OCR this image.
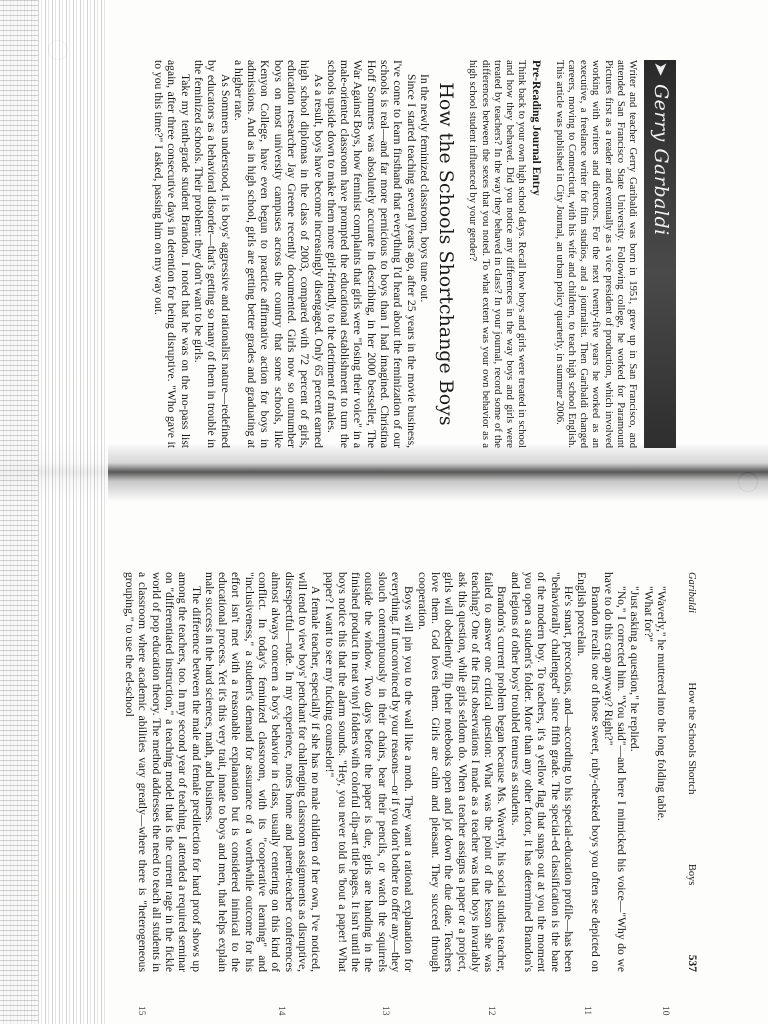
➤
Gerry Garbaldi

Writer and teacher Gerry Garibaldi was born in 1951, grew up in San Francisco, and attended San Francisco State University. Following college, he worked for Paramount Pictures first as a reader and eventually as a vice president of production, which involved working with writers and directors. For the next twenty-five years he worked as an executive, a freelance writer for film studios, and a journalist. Then Garibaldi changed careers, moving to Connecticut, with his wife and children, to teach high school English. This article was published in City Journal, an urban policy quarterly, in summer 2006.

Pre-Reading Journal Entry

Think back to your own high school days. Recall how boys and girls were treated in school and how they behaved. Did you notice any differences in the way boys and girls were treated by teachers? In the way they behaved in class? In your journal, record some of the differences between the sexes that you noted. To what extent was your own behavior as a high school student influenced by your gender?

How the Schools Shortchange Boys

In the newly feminized classroom, boys tune out.

Since I started teaching several years ago, after 25 years in the movie business, I've come to learn firsthand that everything I'd heard about the feminization of our schools is real—and far more pernicious to boys than I had imagined. Christina Hoff Sommers was absolutely accurate in describing, in her 2000 bestseller, The War Against Boys, how feminist complaints that girls were "losing their voice" in a male-oriented classroom have prompted the educational establishment to turn the schools upside down to make them more girl-friendly, to the detriment of males.

As a result, boys have become increasingly disengaged. Only 65 percent earned high school diplomas in the class of 2003, compared with 72 percent of girls, education researcher Jay Greene recently documented. Girls now so outnumber boys on most university campuses across the country that some schools, like Kenyon College, have even begun to practice affirmative action for boys in admissions. And as in high school, girls are getting better grades and graduating at a higher rate.

As Sommers understood, it is boys' aggressive and rationalist nature—redefined by educators as a behavioral disorder—that's getting so many of them in trouble in the feminized schools. Their problem: they don't want to be girls.

Take my tenth-grade student Brandon. I noted that he was on the no-pass list again, after three consecutive days in detention for being disruptive. "Who gave it to you this time?" I asked, passing him on my way out.

Garibaldi
How the Schools Shortch
Boys
537
10
11
12
13
14
15

"Waverly," he muttered into the long folding table.

"What for?"

"Just asking a question," he replied.

"No," I corrected him. "You said"—and here I mimicked his voice—"Why do we have to do this crap anyway? Right?"

Brandon recalls one of those sweet, ruby-cheeked boys you often see depicted on English porcelain.

He's smart, precocious, and—according to his special-education profile—has been "behaviorally challenged" since fifth grade. The special-ed classification is the bane of the modern boy. To teachers, it's a yellow flag that snaps out at you the moment you open a student's folder. More than any other factor, it has determined Brandon's and legions of other boys' troubled tenures as students.

Brandon's current problem began because Ms. Waverly, his social studies teacher, failed to answer one critical question: What was the point of the lesson she was teaching? One of the first observations I made as a teacher was that boys invariably ask this question, while girls seldom do. When a teacher assigns a paper or a project, girls will obediently flip their notebooks open and jot down the due date. Teachers love them. God loves them. Girls are calm and pleasant. They succeed through cooperation.

Boys will pin you to the wall like a moth. They want a rational explanation for everything. If unconvinced by your reasons—or if you don't bother to offer any—they slouch contemptuously in their chairs, bear their pencils, or watch the squirrels outside the window. Two days before the paper is due, girls are handing in the finished product in neat vinyl folders with colorful clip-art title pages. It isn't until the boys notice this that the alarm sounds. "Hey, you never told us 'bout a paper! What paper? I want to see my fucking counselor!"

A female teacher, especially if she has no male children of her own, I've noticed, will tend to view boys' penchant for challenging classroom assignments as disruptive, disrespectful—rude. In my experience, notes home and parent-teacher conferences almost always concern a boy's behavior in class, usually centering on this kind of conflict. In today's feminized classroom, with its "cooperative learning" and "inclusiveness," a student's demand for assurance of a worthwhile outcome for his effort isn't met with a reasonable explanation but is considered inimical to the educational process. Yet it's this very trait, innate to boys and men, that helps explain male success in the hard sciences, math, and business.

The difference between the male and female predilection for hard proof shows up among the teachers, too. In my second year of teaching, I attended a required seminar on "differentiated instruction," a teaching model that is the current rage in the fickle world of pop education theory. The method addresses the need to teach all students in a classroom where academic abilities vary greatly—where there is "heterogeneous grouping," to use the ed-school
